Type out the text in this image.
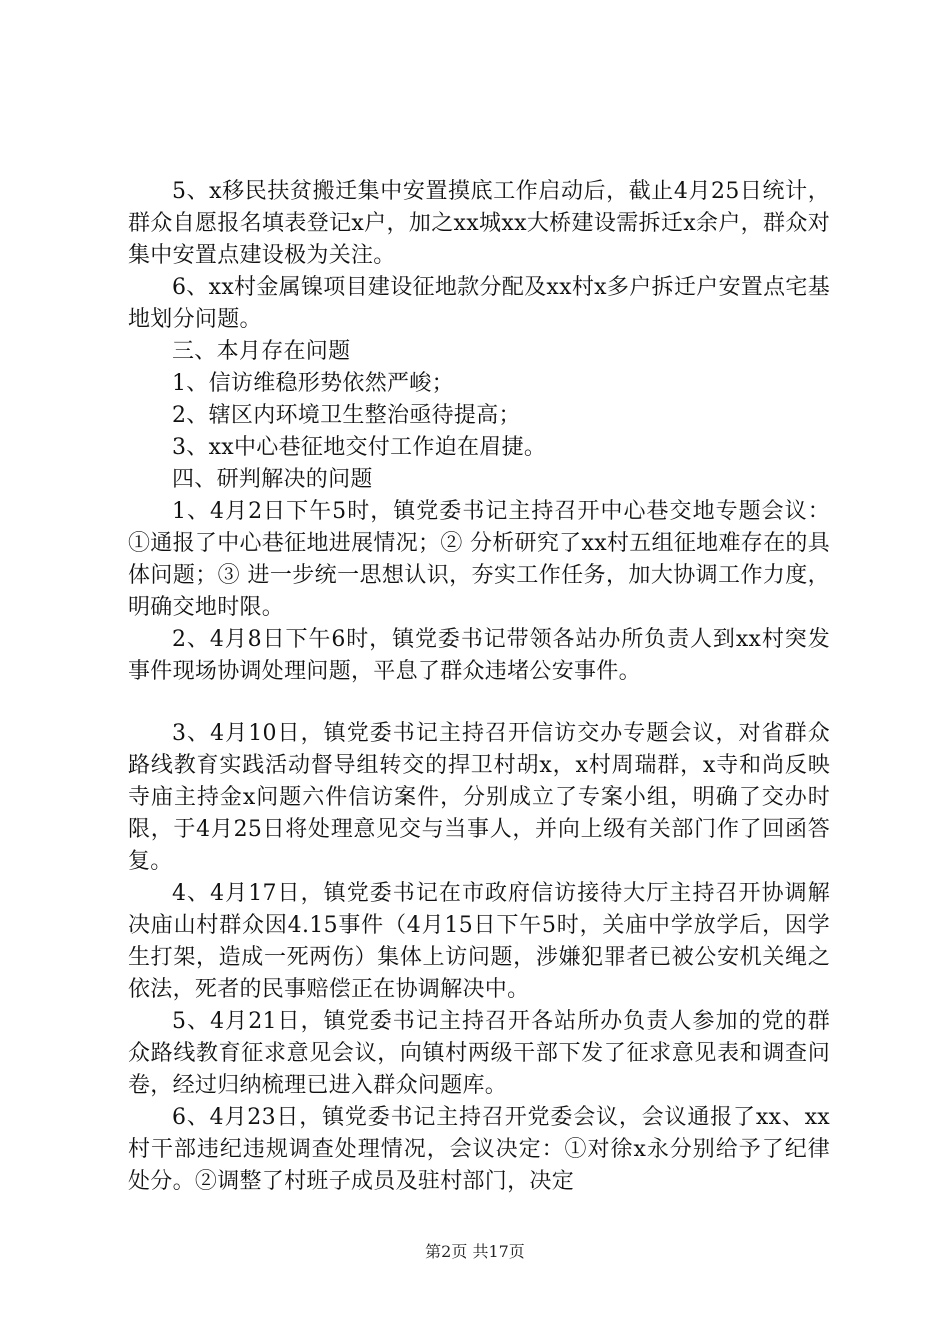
5、x移民扶贫搬迁集中安置摸底工作启动后，截止4月25日统计，群众自愿报名填表登记x户，加之xx城xx大桥建设需拆迁x余户，群众对集中安置点建设极为关注。

6、xx村金属镍项目建设征地款分配及xx村x多户拆迁户安置点宅基地划分问题。

三、本月存在问题

1、信访维稳形势依然严峻；

2、辖区内环境卫生整治亟待提高；

3、xx中心巷征地交付工作迫在眉捷。

四、研判解决的问题

1、4月2日下午5时，镇党委书记主持召开中心巷交地专题会议：①通报了中心巷征地进展情况；② 分析研究了xx村五组征地难存在的具体问题；③ 进一步统一思想认识，夯实工作任务，加大协调工作力度，明确交地时限。

2、4月8日下午6时，镇党委书记带领各站办所负责人到xx村突发事件现场协调处理问题，平息了群众违堵公安事件。

3、4月10日，镇党委书记主持召开信访交办专题会议，对省群众路线教育实践活动督导组转交的捍卫村胡x，x村周瑞群，x寺和尚反映寺庙主持金x问题六件信访案件，分别成立了专案小组，明确了交办时限，于4月25日将处理意见交与当事人，并向上级有关部门作了回函答复。

4、4月17日，镇党委书记在市政府信访接待大厅主持召开协调解决庙山村群众因4.15事件（4月15日下午5时，关庙中学放学后，因学生打架，造成一死两伤）集体上访问题，涉嫌犯罪者已被公安机关绳之依法，死者的民事赔偿正在协调解决中。

5、4月21日，镇党委书记主持召开各站所办负责人参加的党的群众路线教育征求意见会议，向镇村两级干部下发了征求意见表和调查问卷，经过归纳梳理已进入群众问题库。

6、4月23日，镇党委书记主持召开党委会议，会议通报了xx、xx村干部违纪违规调查处理情况，会议决定：①对徐x永分别给予了纪律处分。②调整了村班子成员及驻村部门，决定

第2页 共17页
